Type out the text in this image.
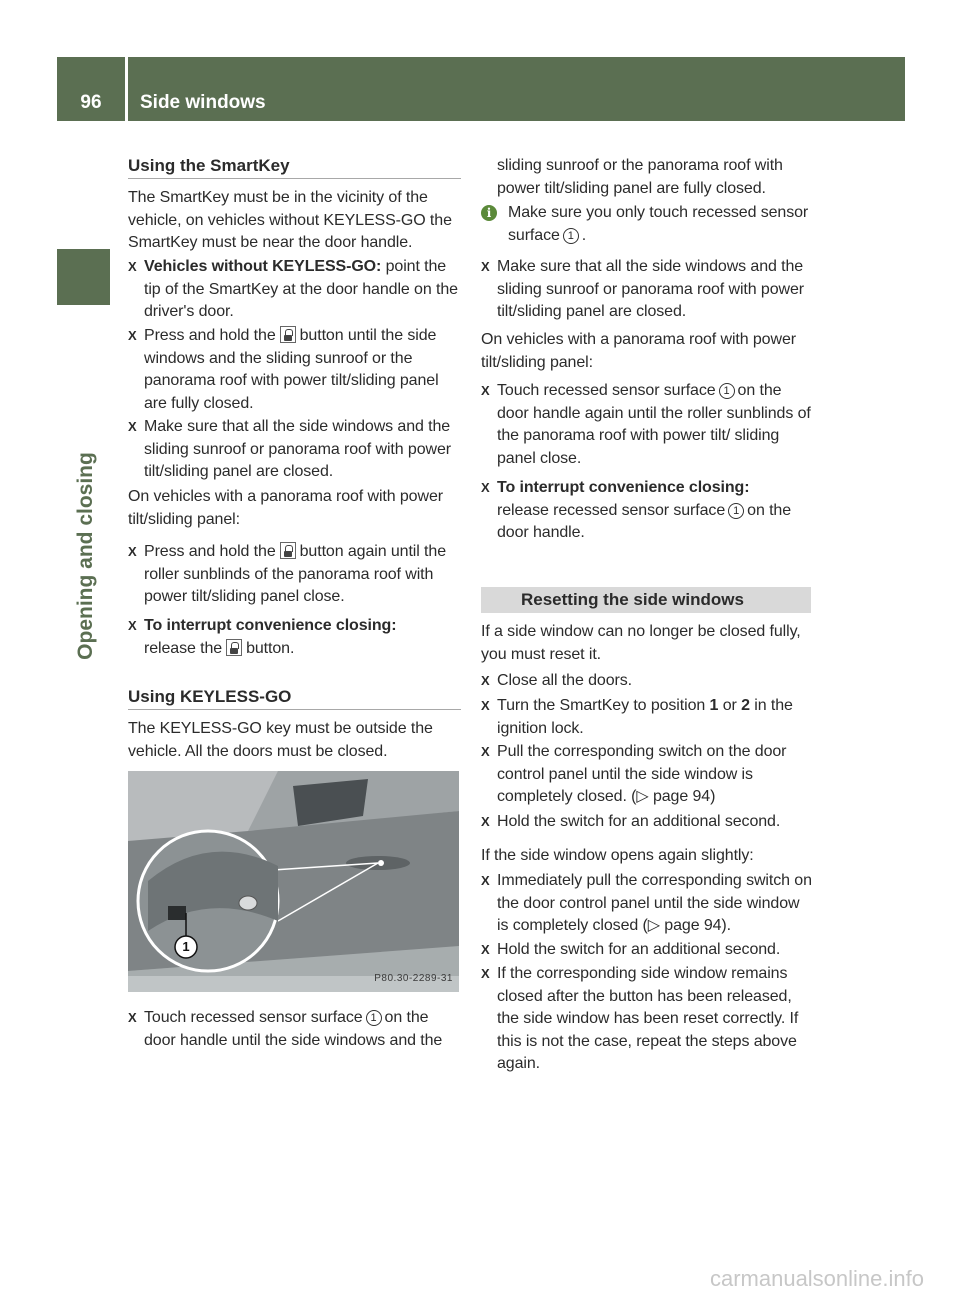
96	Side windows
Opening and closing
Using the SmartKey
The SmartKey must be in the vicinity of the vehicle, on vehicles without KEYLESS-GO the SmartKey must be near the door handle.
X Vehicles without KEYLESS-GO: point the tip of the SmartKey at the door handle on the driver's door.
X Press and hold the button until the side windows and the sliding sunroof or the panorama roof with power tilt/sliding panel are fully closed.
X Make sure that all the side windows and the sliding sunroof or panorama roof with power tilt/sliding panel are closed.
On vehicles with a panorama roof with power tilt/sliding panel:
X Press and hold the button again until the roller sunblinds of the panorama roof with power tilt/sliding panel close.
X To interrupt convenience closing:
release the button.
Using KEYLESS-GO
The KEYLESS-GO key must be outside the vehicle. All the doors must be closed.
1
P80.30-2289-31
X Touch recessed sensor surface 1 on the door handle until the side windows and the
sliding sunroof or the panorama roof with power tilt/sliding panel are fully closed.
i	Make sure you only touch recessed sensor surface 1 .
X Make sure that all the side windows and the sliding sunroof or panorama roof with power tilt/sliding panel are closed.
On vehicles with a panorama roof with power tilt/sliding panel:
X Touch recessed sensor surface 1 on the door handle again until the roller sunblinds of the panorama roof with power tilt/ sliding panel close.
X To interrupt convenience closing:
release recessed sensor surface 1 on the door handle.
Resetting the side windows
If a side window can no longer be closed fully, you must reset it.
X Close all the doors.
X Turn the SmartKey to position 1 or 2 in the ignition lock.
X Pull the corresponding switch on the door control panel until the side window is completely closed. (▷ page 94)
X Hold the switch for an additional second.
If the side window opens again slightly:
X Immediately pull the corresponding switch on the door control panel until the side window is completely closed (▷ page 94).
X Hold the switch for an additional second.
X If the corresponding side window remains closed after the button has been released, the side window has been reset correctly. If this is not the case, repeat the steps above again.
carmanualsonline.info
